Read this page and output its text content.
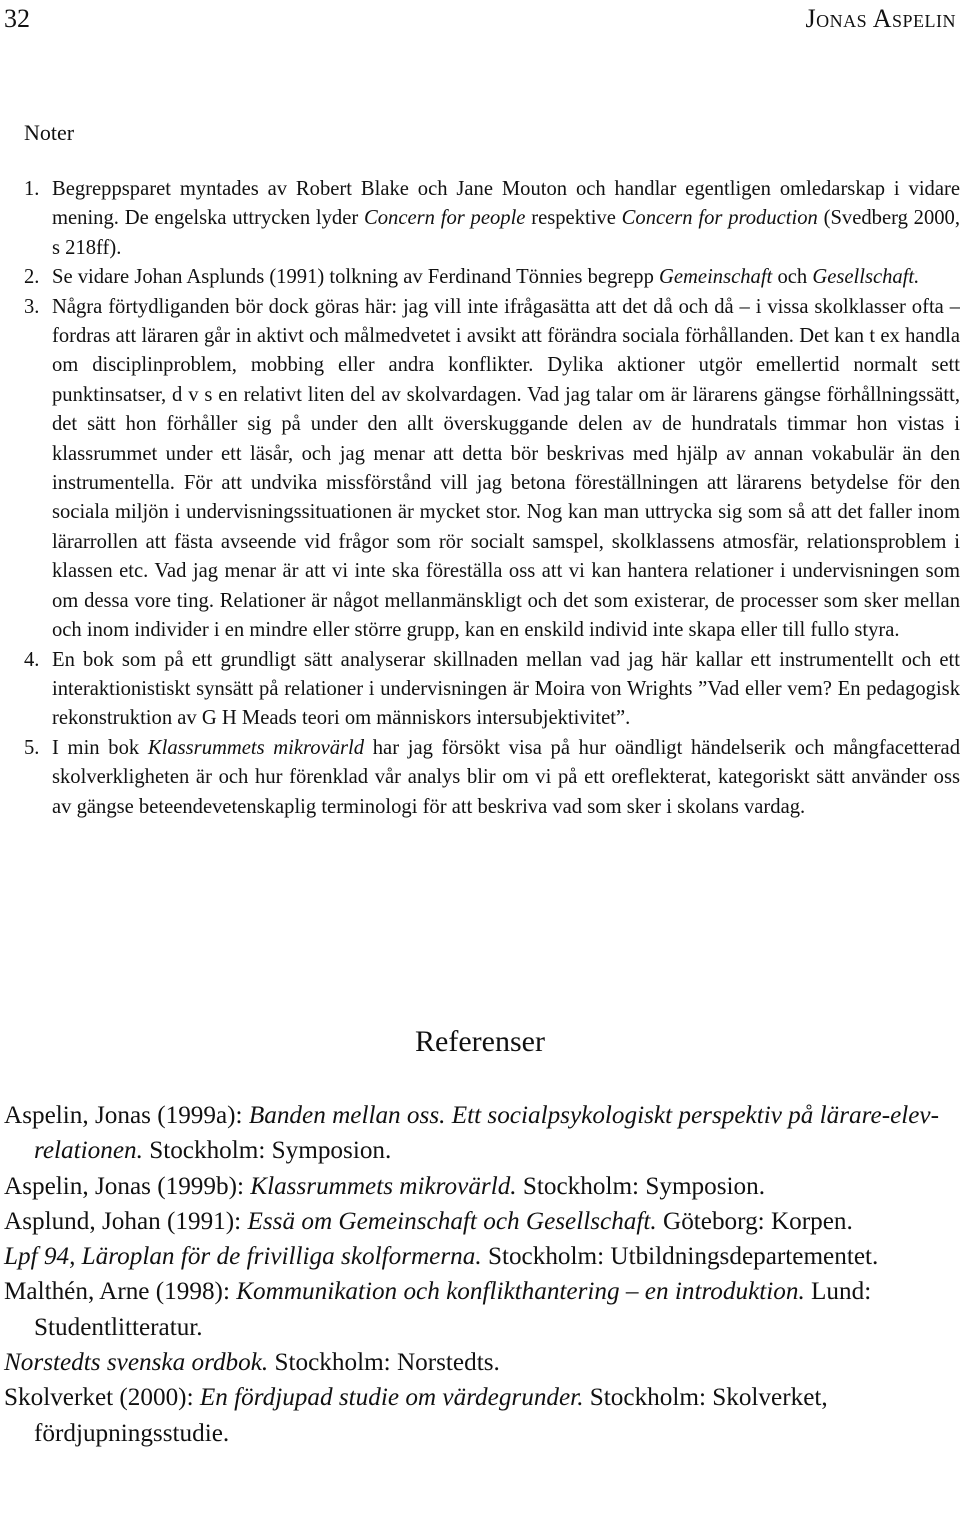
32	Jonas Aspelin
Noter

1. Begreppsparet myntades av Robert Blake och Jane Mouton och handlar egentligen omledarskap i vidare mening. De engelska uttrycken lyder Concern for people respektive Concern for production (Svedberg 2000, s 218ff).

2. Se vidare Johan Asplunds (1991) tolkning av Ferdinand Tönnies begrepp Gemeinschaft och Gesellschaft.

3. Några förtydliganden bör dock göras här: jag vill inte ifrågasätta att det då och då – i vissa skolklasser ofta – fordras att läraren går in aktivt och målmedvetet i avsikt att förändra sociala förhållanden. Det kan t ex handla om disciplinproblem, mobbing eller andra konflikter. Dylika aktioner utgör emellertid normalt sett punktinsatser, d v s en relativt liten del av skolvardagen. Vad jag talar om är lärarens gängse förhållningssätt, det sätt hon förhåller sig på under den allt överskuggande delen av de hundratals timmar hon vistas i klassrummet under ett läsår, och jag menar att detta bör beskrivas med hjälp av annan vokabulär än den instrumentella. För att undvika missförstånd vill jag betona föreställningen att lärarens betydelse för den sociala miljön i undervisningssituationen är mycket stor. Nog kan man uttrycka sig som så att det faller inom lärarrollen att fästa avseende vid frågor som rör socialt samspel, skolklassens atmosfär, relationsproblem i klassen etc. Vad jag menar är att vi inte ska föreställa oss att vi kan hantera relationer i undervisningen som om dessa vore ting. Relationer är något mellanmänskligt och det som existerar, de processer som sker mellan och inom individer i en mindre eller större grupp, kan en enskild individ inte skapa eller till fullo styra.

4. En bok som på ett grundligt sätt analyserar skillnaden mellan vad jag här kallar ett instrumentellt och ett interaktionistiskt synsätt på relationer i undervisningen är Moira von Wrights ”Vad eller vem? En pedagogisk rekonstruktion av G H Meads teori om människors intersubjektivitet”.

5. I min bok Klassrummets mikrovärld har jag försökt visa på hur oändligt händelserik och mångfacetterad skolverkligheten är och hur förenklad vår analys blir om vi på ett oreflekterat, kategoriskt sätt använder oss av gängse beteendevetenskaplig terminologi för att beskriva vad som sker i skolans vardag.

Referenser

Aspelin, Jonas (1999a): Banden mellan oss. Ett socialpsykologiskt perspektiv på lärare-elev-relationen. Stockholm: Symposion.

Aspelin, Jonas (1999b): Klassrummets mikrovärld. Stockholm: Symposion.

Asplund, Johan (1991): Essä om Gemeinschaft och Gesellschaft. Göteborg: Korpen.

Lpf 94, Läroplan för de frivilliga skolformerna. Stockholm: Utbildningsdepartementet.

Malthén, Arne (1998): Kommunikation och konflikthantering – en introduktion. Lund: Studentlitteratur.

Norstedts svenska ordbok. Stockholm: Norstedts.

Skolverket (2000): En fördjupad studie om värdegrunder. Stockholm: Skolverket, fördjupningsstudie.
